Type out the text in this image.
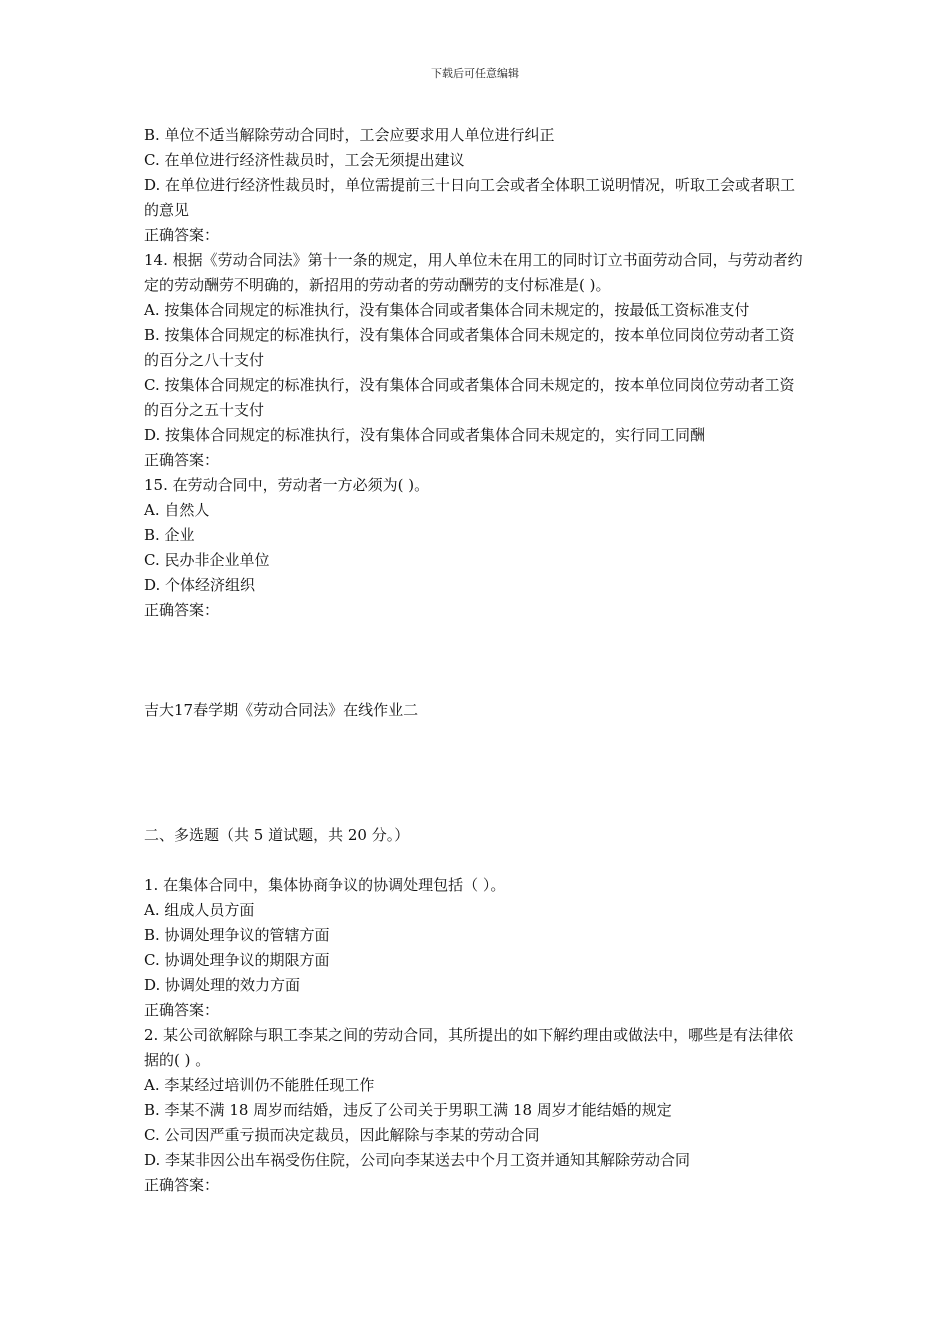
下载后可任意编辑
B. 单位不适当解除劳动合同时，工会应要求用人单位进行纠正
C. 在单位进行经济性裁员时，工会无须提出建议
D. 在单位进行经济性裁员时，单位需提前三十日向工会或者全体职工说明情况，听取工会或者职工的意见
正确答案：
14. 根据《劳动合同法》第十一条的规定，用人单位未在用工的同时订立书面劳动合同，与劳动者约定的劳动酬劳不明确的，新招用的劳动者的劳动酬劳的支付标准是( )。
A. 按集体合同规定的标准执行，没有集体合同或者集体合同未规定的，按最低工资标准支付
B. 按集体合同规定的标准执行，没有集体合同或者集体合同未规定的，按本单位同岗位劳动者工资的百分之八十支付
C. 按集体合同规定的标准执行，没有集体合同或者集体合同未规定的，按本单位同岗位劳动者工资的百分之五十支付
D. 按集体合同规定的标准执行，没有集体合同或者集体合同未规定的，实行同工同酬
正确答案：
15. 在劳动合同中，劳动者一方必须为( )。
A. 自然人
B. 企业
C. 民办非企业单位
D. 个体经济组织
正确答案：
吉大17春学期《劳动合同法》在线作业二
二、多选题（共 5 道试题，共 20 分。）
1. 在集体合同中，集体协商争议的协调处理包括（ ）。
A. 组成人员方面
B. 协调处理争议的管辖方面
C. 协调处理争议的期限方面
D. 协调处理的效力方面
正确答案：
2. 某公司欲解除与职工李某之间的劳动合同，其所提出的如下解约理由或做法中，哪些是有法律依据的( ) 。
A. 李某经过培训仍不能胜任现工作
B. 李某不满 18 周岁而结婚，违反了公司关于男职工满 18 周岁才能结婚的规定
C. 公司因严重亏损而决定裁员，因此解除与李某的劳动合同
D. 李某非因公出车祸受伤住院，公司向李某送去中个月工资并通知其解除劳动合同
正确答案：
